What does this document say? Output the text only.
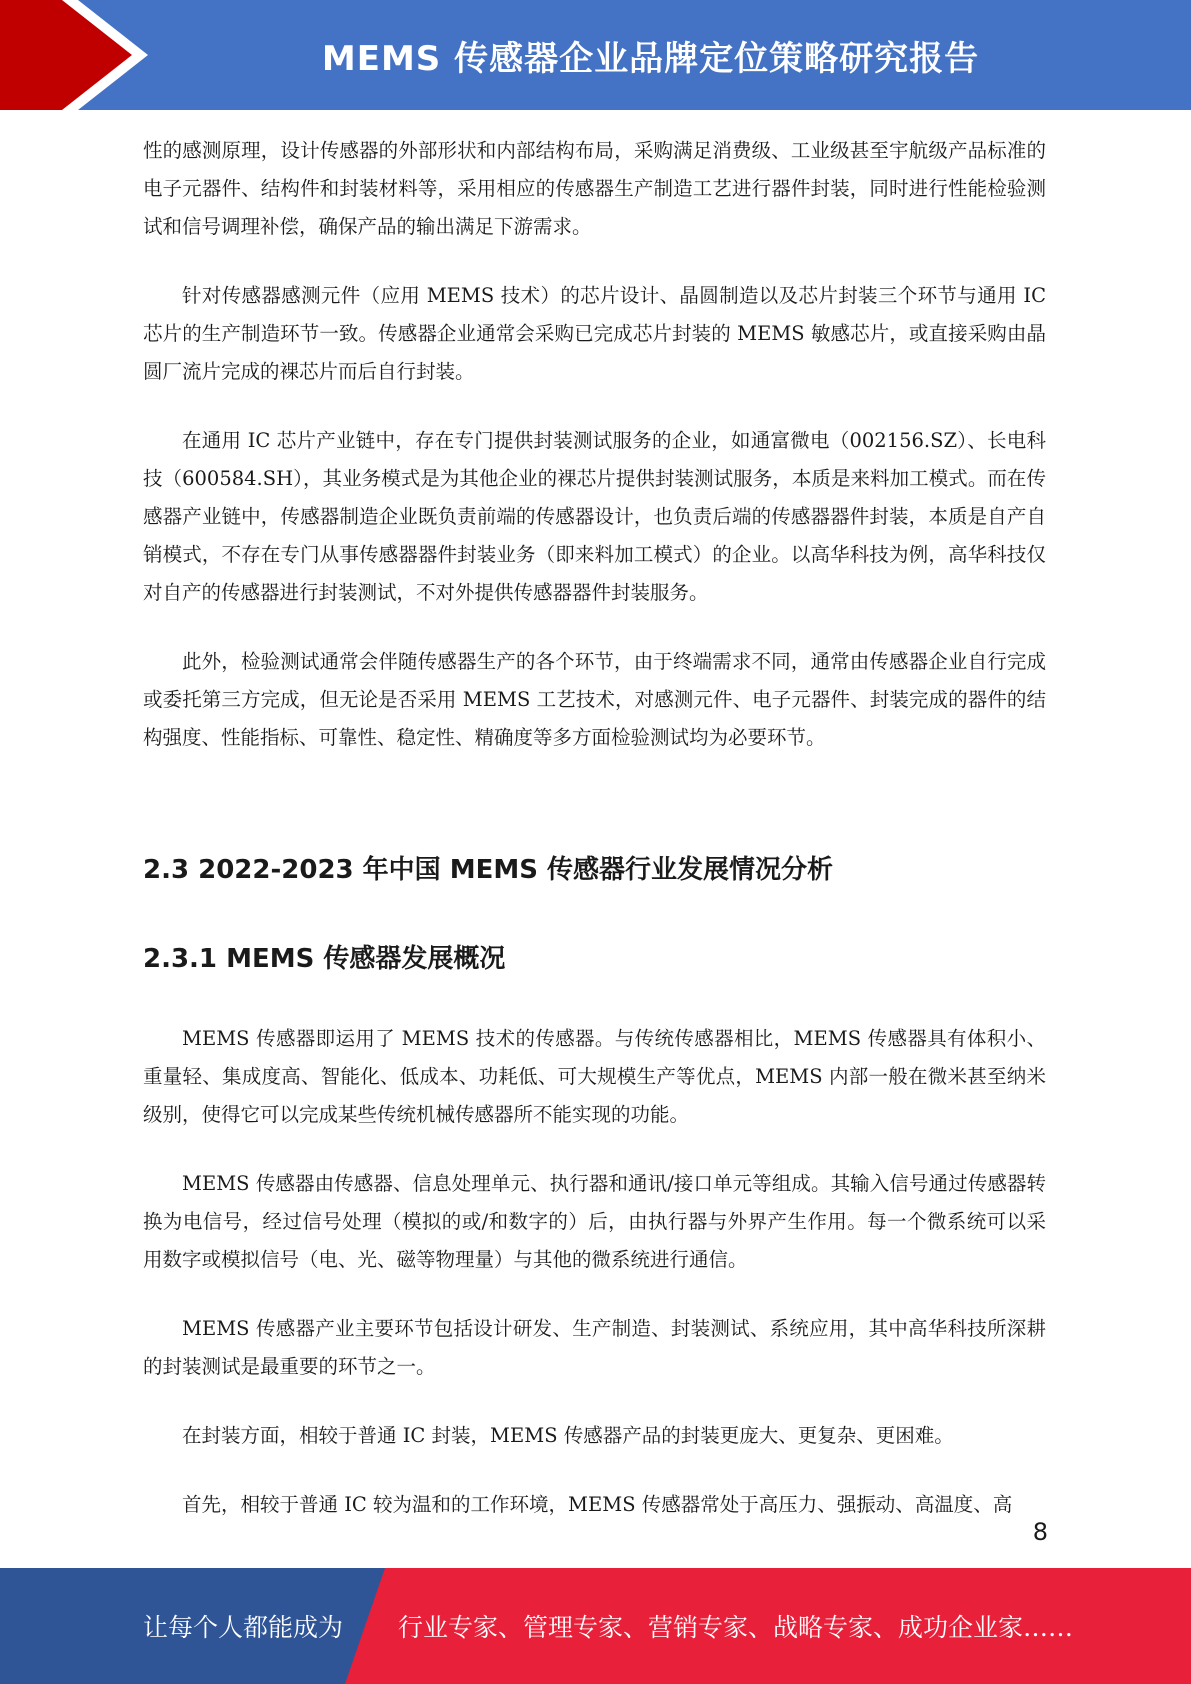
MEMS 传感器企业品牌定位策略研究报告

性的感测原理，设计传感器的外部形状和内部结构布局，采购满足消费级、工业级甚至宇航级产品标准的电子元器件、结构件和封装材料等，采用相应的传感器生产制造工艺进行器件封装，同时进行性能检验测试和信号调理补偿，确保产品的输出满足下游需求。

针对传感器感测元件（应用 MEMS 技术）的芯片设计、晶圆制造以及芯片封装三个环节与通用 IC 芯片的生产制造环节一致。传感器企业通常会采购已完成芯片封装的 MEMS 敏感芯片，或直接采购由晶圆厂流片完成的裸芯片而后自行封装。

在通用 IC 芯片产业链中，存在专门提供封装测试服务的企业，如通富微电（002156.SZ）、长电科技（600584.SH），其业务模式是为其他企业的裸芯片提供封装测试服务，本质是来料加工模式。而在传感器产业链中，传感器制造企业既负责前端的传感器设计，也负责后端的传感器器件封装，本质是自产自销模式，不存在专门从事传感器器件封装业务（即来料加工模式）的企业。以高华科技为例，高华科技仅对自产的传感器进行封装测试，不对外提供传感器器件封装服务。

此外，检验测试通常会伴随传感器生产的各个环节，由于终端需求不同，通常由传感器企业自行完成或委托第三方完成，但无论是否采用 MEMS 工艺技术，对感测元件、电子元器件、封装完成的器件的结构强度、性能指标、可靠性、稳定性、精确度等多方面检验测试均为必要环节。

2.3 2022-2023 年中国 MEMS 传感器行业发展情况分析
2.3.1 MEMS 传感器发展概况

MEMS 传感器即运用了 MEMS 技术的传感器。与传统传感器相比，MEMS 传感器具有体积小、重量轻、集成度高、智能化、低成本、功耗低、可大规模生产等优点，MEMS 内部一般在微米甚至纳米级别，使得它可以完成某些传统机械传感器所不能实现的功能。

MEMS 传感器由传感器、信息处理单元、执行器和通讯/接口单元等组成。其输入信号通过传感器转换为电信号，经过信号处理（模拟的或/和数字的）后，由执行器与外界产生作用。每一个微系统可以采用数字或模拟信号（电、光、磁等物理量）与其他的微系统进行通信。

MEMS 传感器产业主要环节包括设计研发、生产制造、封装测试、系统应用，其中高华科技所深耕的封装测试是最重要的环节之一。

在封装方面，相较于普通 IC 封装，MEMS 传感器产品的封装更庞大、更复杂、更困难。

首先，相较于普通 IC 较为温和的工作环境，MEMS 传感器常处于高压力、强振动、高温度、高

8
让每个人都能成为 行业专家、管理专家、营销专家、战略专家、成功企业家……
